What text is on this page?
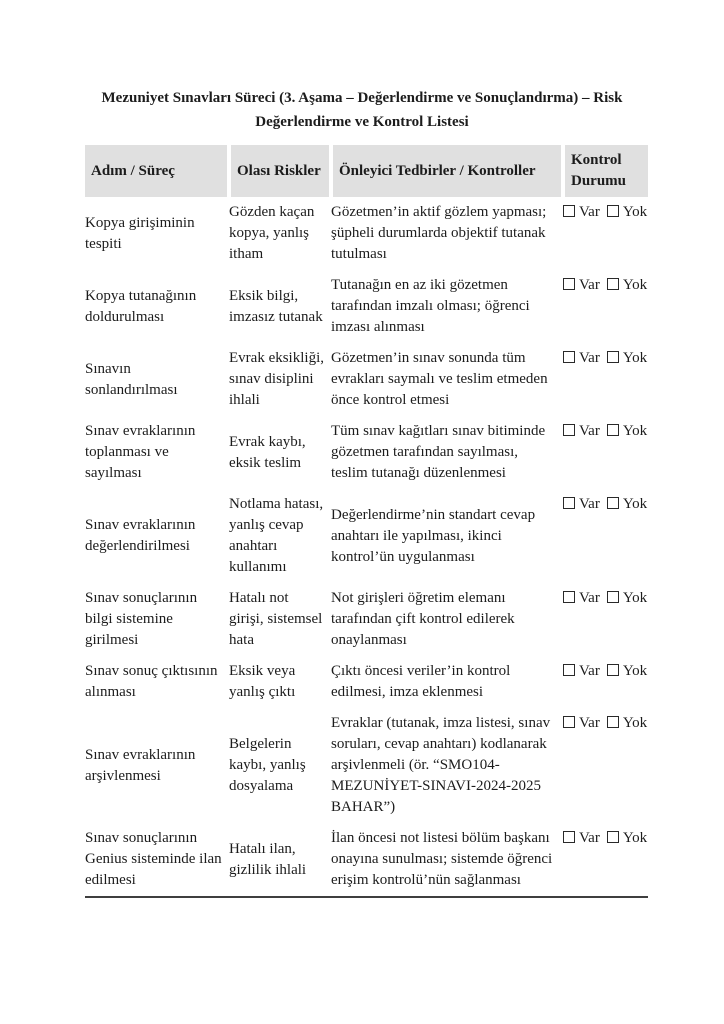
Mezuniyet Sınavları Süreci (3. Aşama – Değerlendirme ve Sonuçlandırma) – Risk Değerlendirme ve Kontrol Listesi
Adım / Süreç	Olası Riskler	Önleyici Tedbirler / Kontroller	Kontrol Durumu
Kopya girişiminin tespiti	Gözden kaçan kopya, yanlış itham	Gözetmen’in aktif gözlem yapması; şüpheli durumlarda objektif tutanak tutulması	Var Yok
Kopya tutanağının doldurulması	Eksik bilgi, imzasız tutanak	Tutanağın en az iki gözetmen tarafından imzalı olması; öğrenci imzası alınması	Var Yok
Sınavın sonlandırılması	Evrak eksikliği, sınav disiplini ihlali	Gözetmen’in sınav sonunda tüm evrakları saymalı ve teslim etmeden önce kontrol etmesi	Var Yok
Sınav evraklarının toplanması ve sayılması	Evrak kaybı, eksik teslim	Tüm sınav kağıtları sınav bitiminde gözetmen tarafından sayılması, teslim tutanağı düzenlenmesi	Var Yok
Sınav evraklarının değerlendirilmesi	Notlama hatası, yanlış cevap anahtarı kullanımı	Değerlendirme’nin standart cevap anahtarı ile yapılması, ikinci kontrol’ün uygulanması	Var Yok
Sınav sonuçlarının bilgi sistemine girilmesi	Hatalı not girişi, sistemsel hata	Not girişleri öğretim elemanı tarafından çift kontrol edilerek onaylanması	Var Yok
Sınav sonuç çıktısının alınması	Eksik veya yanlış çıktı	Çıktı öncesi veriler’in kontrol edilmesi, imza eklenmesi	Var Yok
Sınav evraklarının arşivlenmesi	Belgelerin kaybı, yanlış dosyalama	Evraklar (tutanak, imza listesi, sınav soruları, cevap anahtarı) kodlanarak arşivlenmeli (ör. “SMO104-MEZUNİYET-SINAVI-2024-2025 BAHAR”)	Var Yok
Sınav sonuçlarının Genius sisteminde ilan edilmesi	Hatalı ilan, gizlilik ihlali	İlan öncesi not listesi bölüm başkanı onayına sunulması; sistemde öğrenci erişim kontrolü’nün sağlanması	Var Yok
